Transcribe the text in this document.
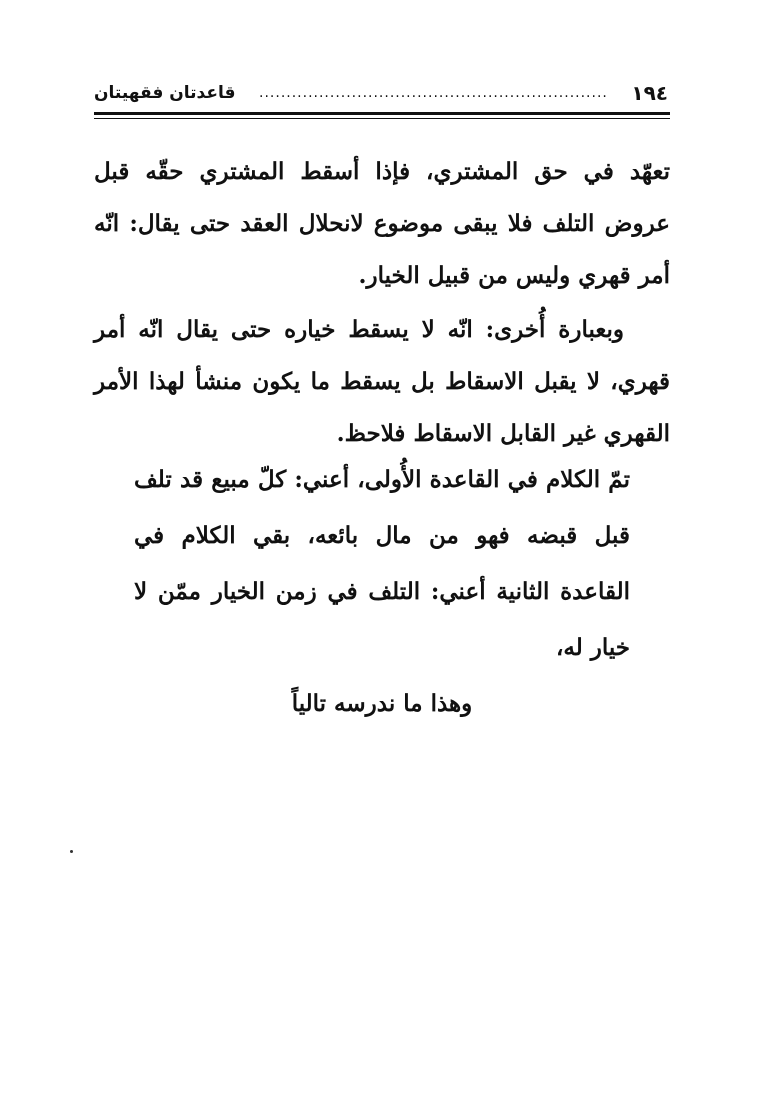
١٩٤
................................................................
قاعدتان فقهيتان

تعهّد في حق المشتري، فإذا أسقط المشتري حقّه قبل عروض التلف فلا يبقى موضوع لانحلال العقد حتى يقال: انّه أمر قهري وليس من قبيل الخيار.

وبعبارة أُخرى: انّه لا يسقط خياره حتى يقال انّه أمر قهري، لا يقبل الاسقاط بل يسقط ما يكون منشأ لهذا الأمر القهري غير القابل الاسقاط فلاحظ.

تمّ الكلام في القاعدة الأُولى، أعني: كلّ مبيع قد تلف قبل قبضه فهو من مال بائعه، بقي الكلام في القاعدة الثانية أعني: التلف في زمن الخيار ممّن لا خيار له،
وهذا ما ندرسه تالياً
